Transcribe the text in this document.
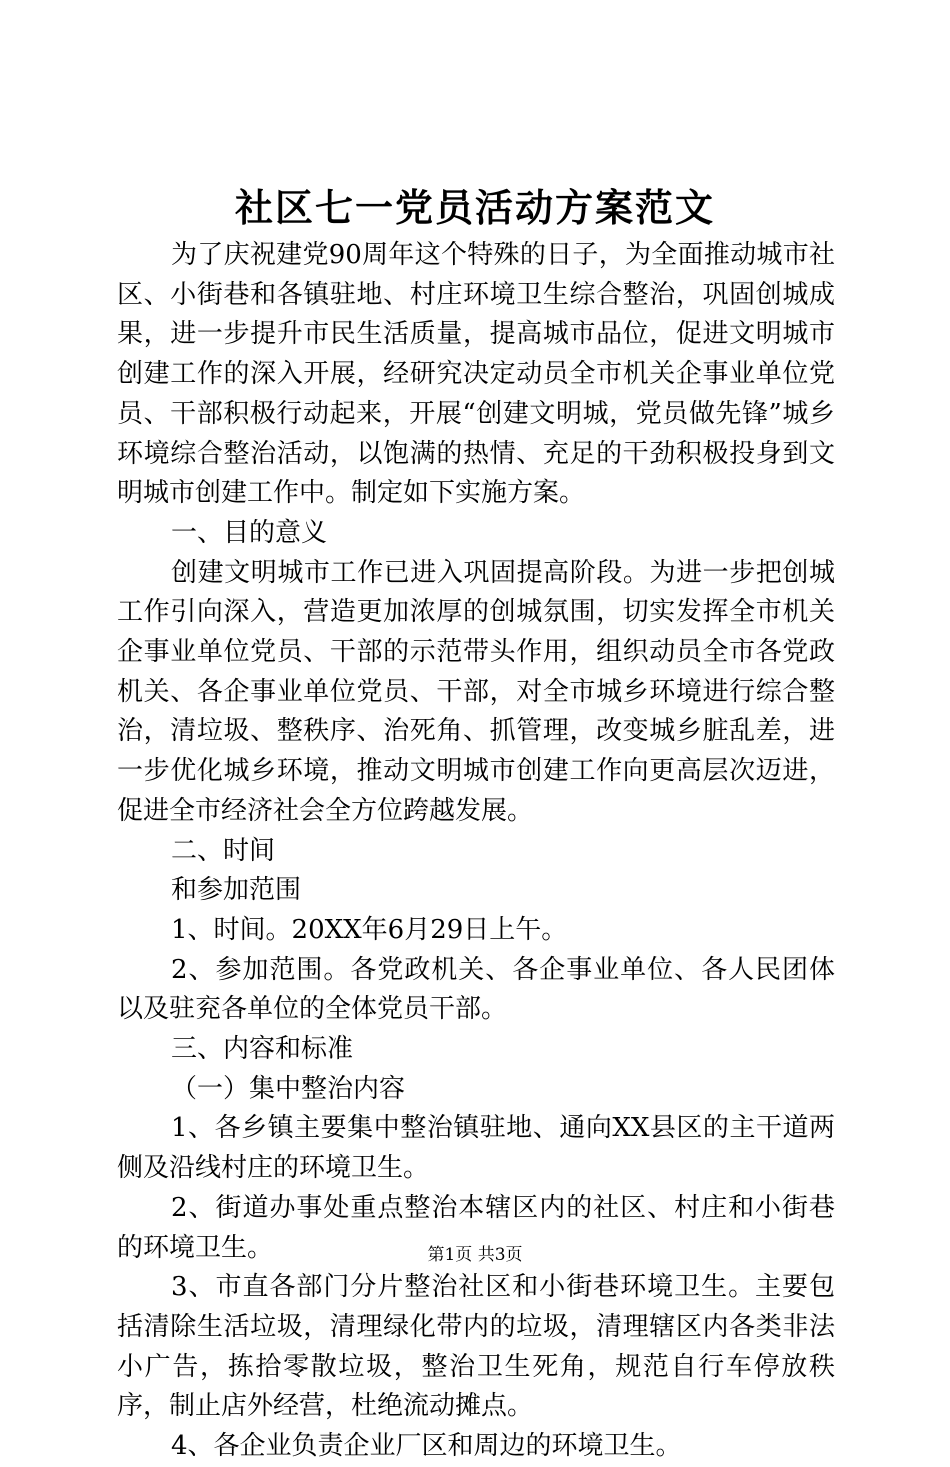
社区七一党员活动方案范文

为了庆祝建党90周年这个特殊的日子，为全面推动城市社区、小街巷和各镇驻地、村庄环境卫生综合整治，巩固创城成果，进一步提升市民生活质量，提高城市品位，促进文明城市创建工作的深入开展，经研究决定动员全市机关企事业单位党员、干部积极行动起来，开展“创建文明城，党员做先锋”城乡环境综合整治活动，以饱满的热情、充足的干劲积极投身到文明城市创建工作中。制定如下实施方案。

一、目的意义

创建文明城市工作已进入巩固提高阶段。为进一步把创城工作引向深入，营造更加浓厚的创城氛围，切实发挥全市机关企事业单位党员、干部的示范带头作用，组织动员全市各党政机关、各企事业单位党员、干部，对全市城乡环境进行综合整治，清垃圾、整秩序、治死角、抓管理，改变城乡脏乱差，进一步优化城乡环境，推动文明城市创建工作向更高层次迈进，促进全市经济社会全方位跨越发展。

二、时间

和参加范围

1、时间。20XX年6月29日上午。

2、参加范围。各党政机关、各企事业单位、各人民团体以及驻兖各单位的全体党员干部。

三、内容和标准

（一）集中整治内容

1、各乡镇主要集中整治镇驻地、通向XX县区的主干道两侧及沿线村庄的环境卫生。

2、街道办事处重点整治本辖区内的社区、村庄和小街巷的环境卫生。

3、市直各部门分片整治社区和小街巷环境卫生。主要包括清除生活垃圾，清理绿化带内的垃圾，清理辖区内各类非法小广告，拣拾零散垃圾，整治卫生死角，规范自行车停放秩序，制止店外经营，杜绝流动摊点。

4、各企业负责企业厂区和周边的环境卫生。

第1页 共3页
